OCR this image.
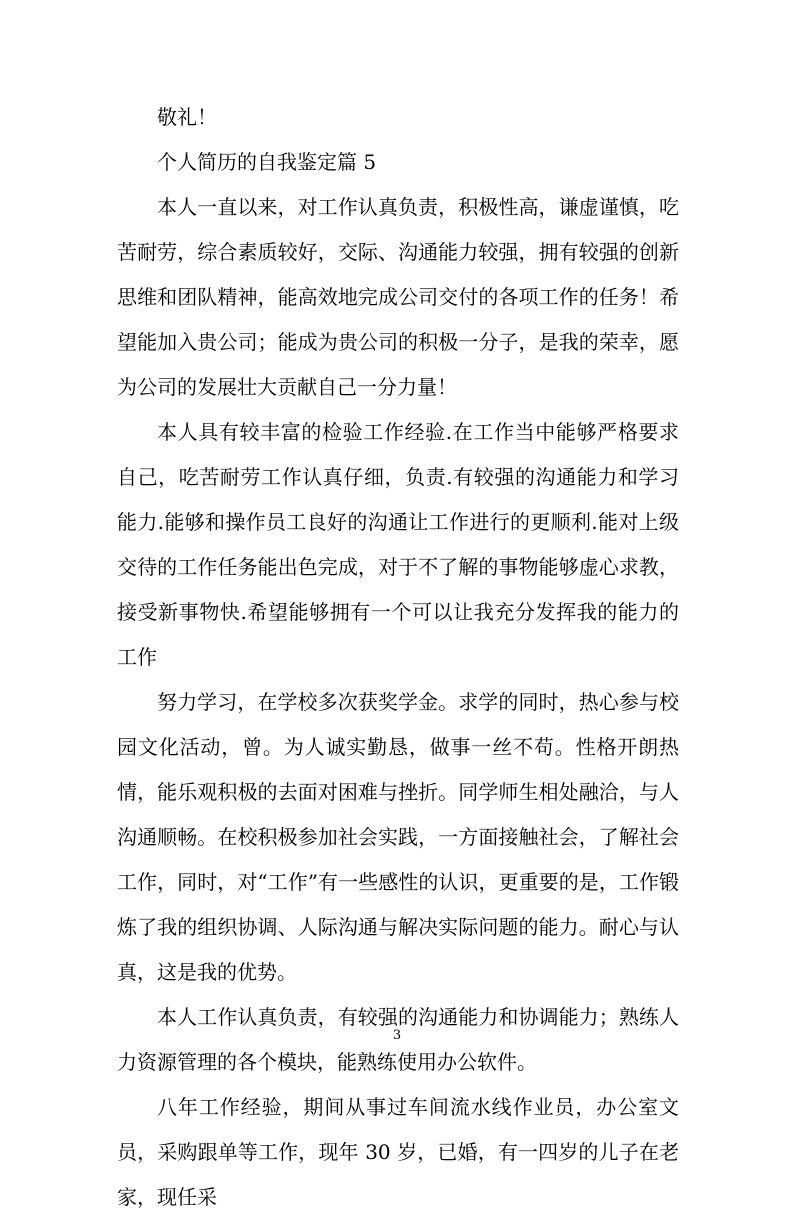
敬礼！

个人简历的自我鉴定篇 5

本人一直以来，对工作认真负责，积极性高，谦虚谨慎，吃苦耐劳，综合素质较好，交际、沟通能力较强，拥有较强的创新思维和团队精神，能高效地完成公司交付的各项工作的任务！希望能加入贵公司；能成为贵公司的积极一分子，是我的荣幸，愿为公司的发展壮大贡献自己一分力量！

本人具有较丰富的检验工作经验.在工作当中能够严格要求自己，吃苦耐劳工作认真仔细，负责.有较强的沟通能力和学习能力.能够和操作员工良好的沟通让工作进行的更顺利.能对上级交待的工作任务能出色完成，对于不了解的事物能够虚心求教，接受新事物快.希望能够拥有一个可以让我充分发挥我的能力的工作

努力学习，在学校多次获奖学金。求学的同时，热心参与校园文化活动，曾。为人诚实勤恳，做事一丝不苟。性格开朗热情，能乐观积极的去面对困难与挫折。同学师生相处融洽，与人沟通顺畅。在校积极参加社会实践，一方面接触社会，了解社会工作，同时，对“工作”有一些感性的认识，更重要的是，工作锻炼了我的组织协调、人际沟通与解决实际问题的能力。耐心与认真，这是我的优势。

本人工作认真负责，有较强的沟通能力和协调能力；熟练人力资源管理的各个模块，能熟练使用办公软件。

八年工作经验，期间从事过车间流水线作业员，办公室文员，采购跟单等工作，现年 30 岁，已婚，有一四岁的儿子在老家，现任采

3
